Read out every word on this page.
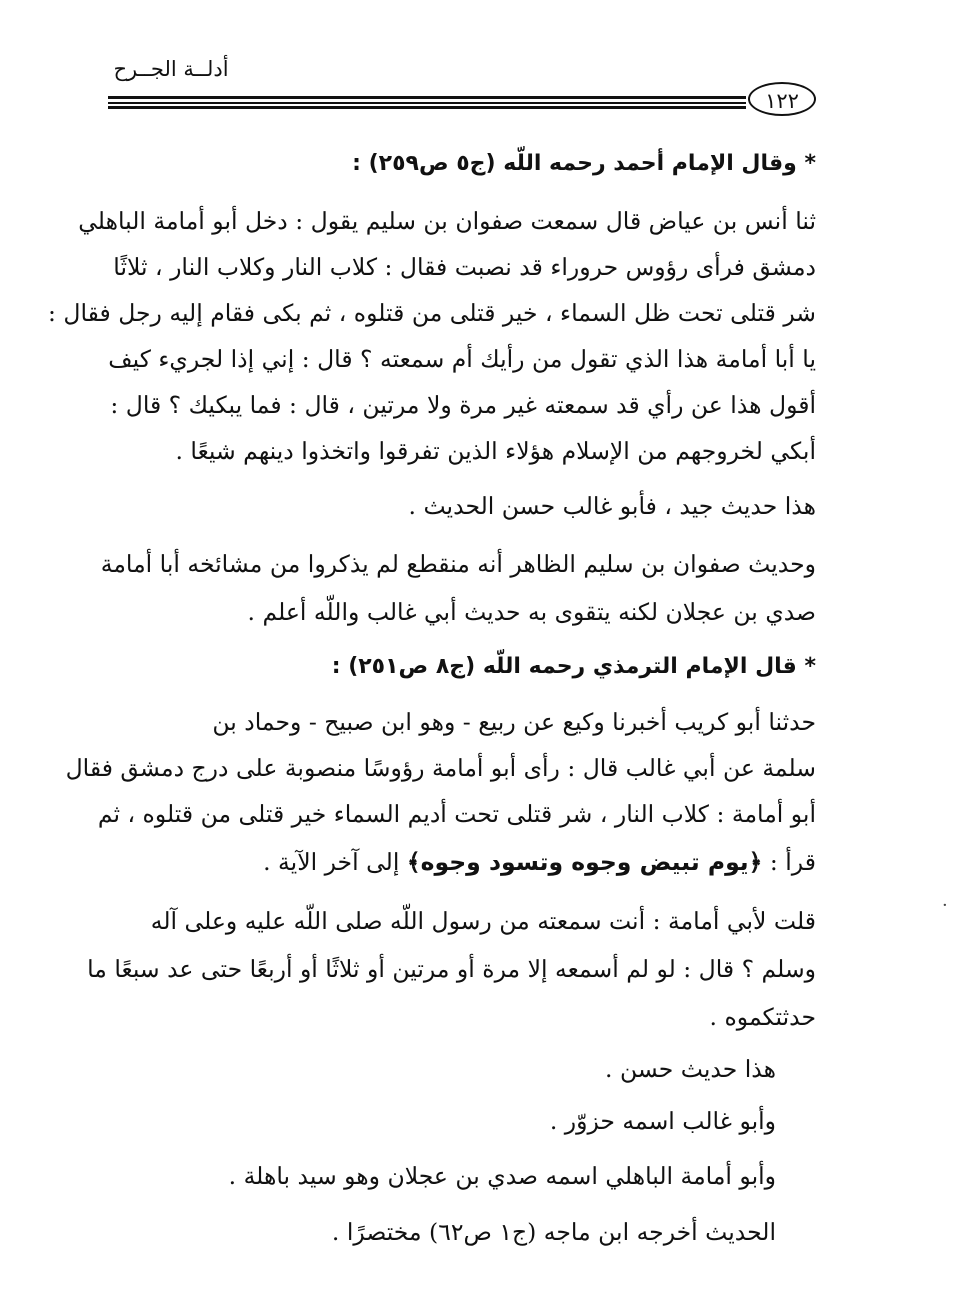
أدلــة الجــرح
١٢٢
* وقال الإمام أحمد رحمه اللّه (ج٥ ص٢٥٩) :
ثنا أنس بن عياض قال سمعت صفوان بن سليم يقول : دخل أبو أمامة الباهلي
دمشق فرأى رؤوس حروراء قد نصبت فقال : كلاب النار وكلاب النار ، ثلاثًا
شر قتلى تحت ظل السماء ، خير قتلى من قتلوه ، ثم بكى فقام إليه رجل فقال :
يا أبا أمامة هذا الذي تقول من رأيك أم سمعته ؟ قال : إني إذا لجريء كيف
أقول هذا عن رأي قد سمعته غير مرة ولا مرتين ، قال : فما يبكيك ؟ قال :
أبكي لخروجهم من الإسلام هؤلاء الذين تفرقوا واتخذوا دينهم شيعًا .
هذا حديث جيد ، فأبو غالب حسن الحديث .
وحديث صفوان بن سليم الظاهر أنه منقطع لم يذكروا من مشائخه أبا أمامة
صدي بن عجلان لكنه يتقوى به حديث أبي غالب واللّه أعلم .
* قال الإمام الترمذي رحمه اللّه (ج٨ ص٢٥١) :
حدثنا أبو كريب أخبرنا وكيع عن ربيع - وهو ابن صبيح - وحماد بن
سلمة عن أبي غالب قال : رأى أبو أمامة رؤوسًا منصوبة على درج دمشق فقال
أبو أمامة : كلاب النار ، شر قتلى تحت أديم السماء خير قتلى من قتلوه ، ثم
قرأ : ﴿يوم تبيض وجوه وتسود وجوه﴾ إلى آخر الآية .
قلت لأبي أمامة : أنت سمعته من رسول اللّه صلى اللّه عليه وعلى آله
وسلم ؟ قال : لو لم أسمعه إلا مرة أو مرتين أو ثلاثًا أو أربعًا حتى عد سبعًا ما
حدثتكموه .
هذا حديث حسن .
وأبو غالب اسمه حزوّر .
وأبو أمامة الباهلي اسمه صدي بن عجلان وهو سيد باهلة .
الحديث أخرجه ابن ماجه (ج١ ص٦٢) مختصرًا .
·
